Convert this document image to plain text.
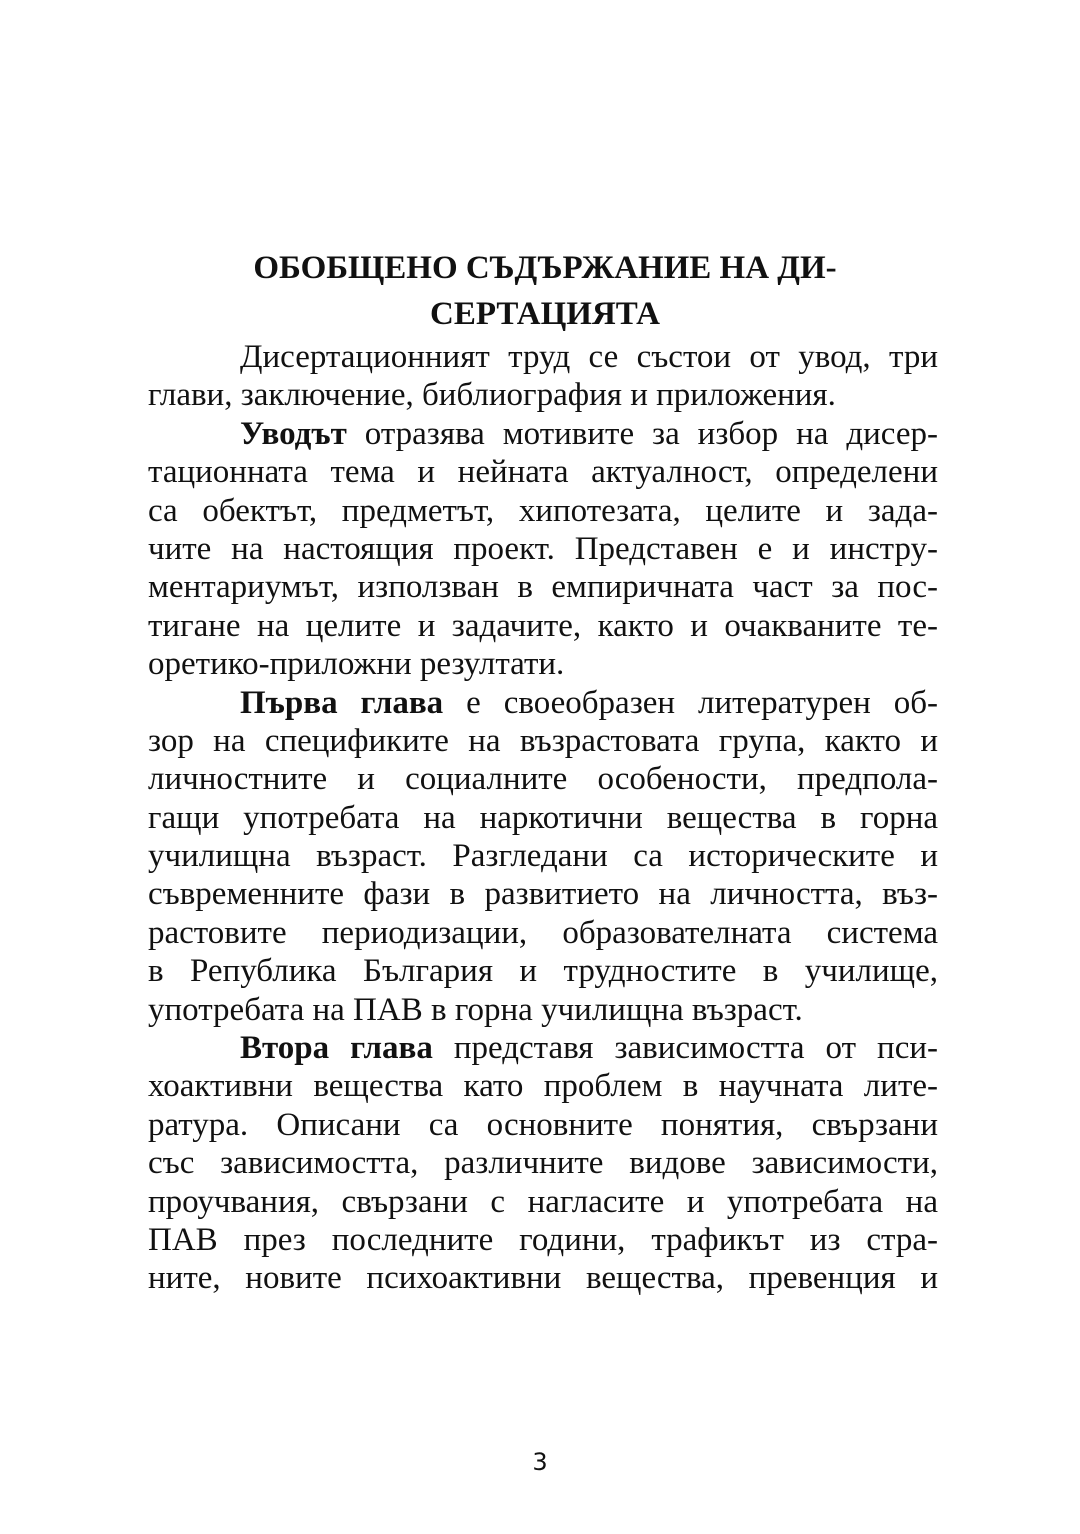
ОБОБЩЕНО СЪДЪРЖАНИЕ НА ДИ-
СЕРТАЦИЯТА

Дисертационният труд се състои от увод, три
глави, заключение, библиография и приложения.

Уводът отразява мотивите за избор на дисер-
тационната тема и нейната актуалност, определени
са обектът, предметът, хипотезата, целите и зада-
чите на настоящия проект. Представен е и инстру-
ментариумът, използван в емпиричната част за пос-
тигане на целите и задачите, както и очакваните те-
оретико-приложни резултати.

Първа глава е своеобразен литературен об-
зор на спецификите на възрастовата група, както и
личностните и социалните особености, предпола-
гащи употребата на наркотични вещества в горна
училищна възраст. Разгледани са историческите и
съвременните фази в развитието на личността, въз-
растовите периодизации, образователната система
в Република България и трудностите в училище,
употребата на ПАВ в горна училищна възраст.

Втора глава представя зависимостта от пси-
хоактивни вещества като проблем в научната лите-
ратура. Описани са основните понятия, свързани
със зависимостта, различните видове зависимости,
проучвания, свързани с нагласите и употребата на
ПАВ през последните години, трафикът из стра-
ните, новите психоактивни вещества, превенция и

3
